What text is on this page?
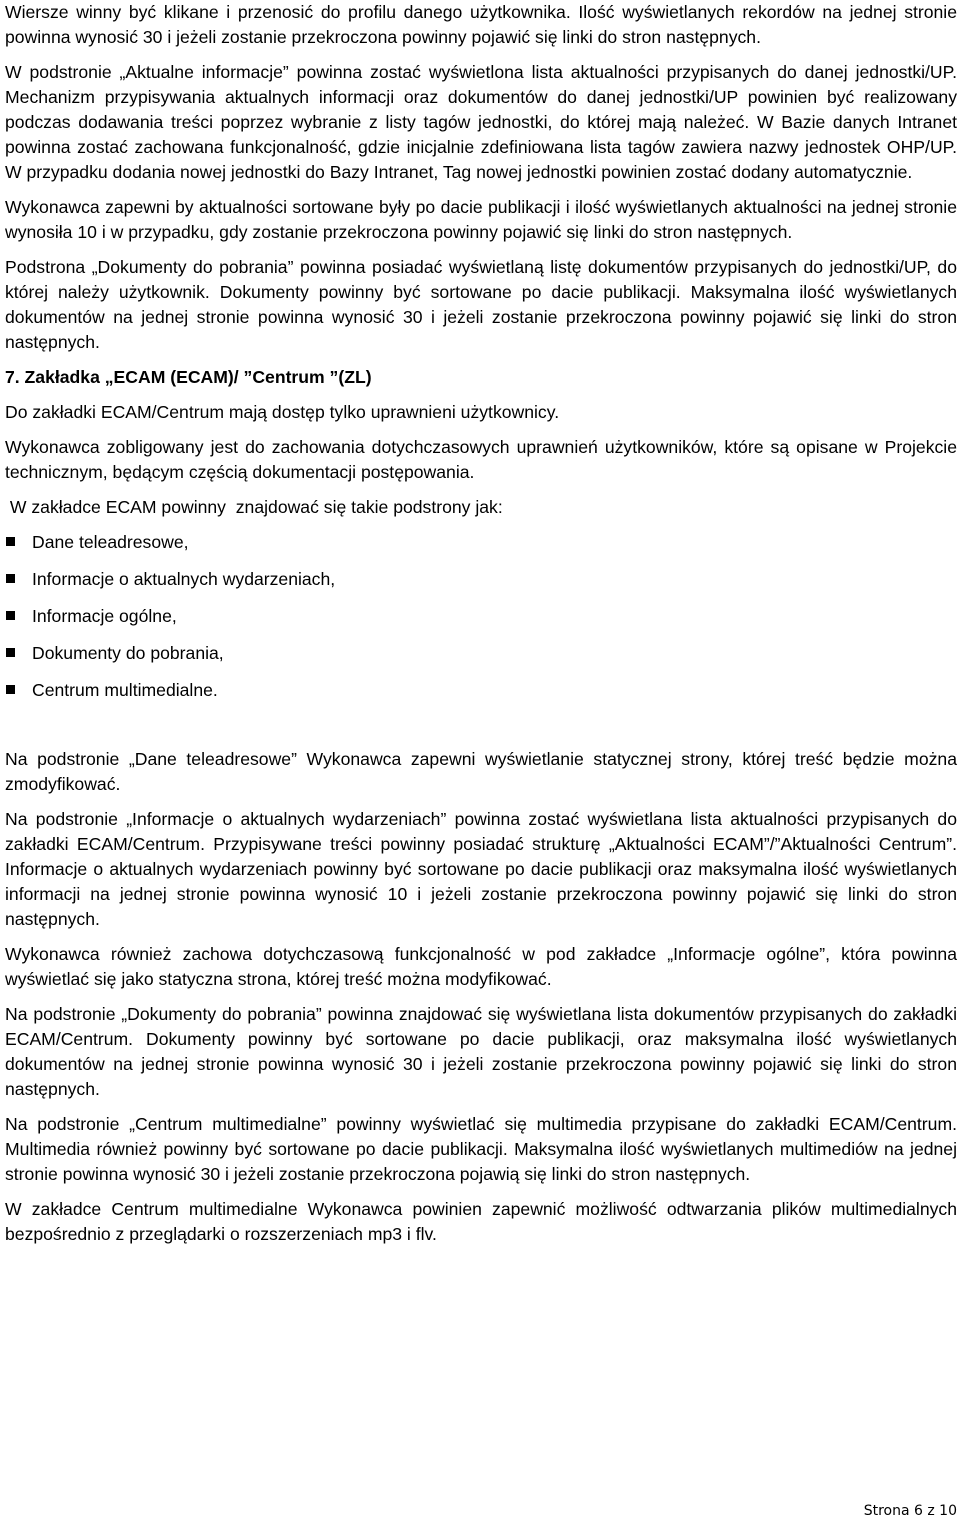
Wiersze winny być klikane i przenosić do profilu danego użytkownika. Ilość wyświetlanych rekordów na jednej stronie powinna wynosić 30 i jeżeli zostanie przekroczona powinny pojawić się linki do stron następnych.

W podstronie „Aktualne informacje” powinna zostać wyświetlona lista aktualności przypisanych do danej jednostki/UP. Mechanizm przypisywania aktualnych informacji oraz dokumentów do danej jednostki/UP powinien być realizowany podczas dodawania treści poprzez wybranie z listy tagów jednostki, do której mają należeć. W Bazie danych Intranet powinna zostać zachowana funkcjonalność, gdzie inicjalnie zdefiniowana lista tagów zawiera nazwy jednostek OHP/UP. W przypadku dodania nowej jednostki do Bazy Intranet, Tag nowej jednostki powinien zostać dodany automatycznie.

Wykonawca zapewni by aktualności sortowane były po dacie publikacji i ilość wyświetlanych aktualności na jednej stronie wynosiła 10 i w przypadku, gdy zostanie przekroczona powinny pojawić się linki do stron następnych.

Podstrona „Dokumenty do pobrania” powinna posiadać wyświetlaną listę dokumentów przypisanych do jednostki/UP, do której należy użytkownik. Dokumenty powinny być sortowane po dacie publikacji. Maksymalna ilość wyświetlanych dokumentów na jednej stronie powinna wynosić 30 i jeżeli zostanie przekroczona powinny pojawić się linki do stron następnych.

7. Zakładka „ECAM (ECAM)/ ”Centrum ”(ZL)

Do zakładki ECAM/Centrum mają dostęp tylko uprawnieni użytkownicy.

Wykonawca zobligowany jest do zachowania dotychczasowych uprawnień użytkowników, które są opisane w Projekcie technicznym, będącym częścią dokumentacji postępowania.

W zakładce ECAM powinny  znajdować się takie podstrony jak:

Dane teleadresowe,
Informacje o aktualnych wydarzeniach,
Informacje ogólne,
Dokumenty do pobrania,
Centrum multimedialne.

Na podstronie „Dane teleadresowe” Wykonawca zapewni wyświetlanie statycznej strony, której treść będzie można zmodyfikować.

Na podstronie „Informacje o aktualnych wydarzeniach” powinna zostać wyświetlana lista aktualności przypisanych do zakładki ECAM/Centrum. Przypisywane treści powinny posiadać strukturę „Aktualności ECAM”/”Aktualności Centrum”. Informacje o aktualnych wydarzeniach powinny być sortowane po dacie publikacji oraz maksymalna ilość wyświetlanych informacji na jednej stronie powinna wynosić 10 i jeżeli zostanie przekroczona powinny pojawić się linki do stron następnych.

Wykonawca również zachowa dotychczasową funkcjonalność w pod zakładce „Informacje ogólne”, która powinna wyświetlać się jako statyczna strona, której treść można modyfikować.

Na podstronie „Dokumenty do pobrania” powinna znajdować się wyświetlana lista dokumentów przypisanych do zakładki ECAM/Centrum. Dokumenty powinny być sortowane po dacie publikacji, oraz maksymalna ilość wyświetlanych dokumentów na jednej stronie powinna wynosić 30 i jeżeli zostanie przekroczona powinny pojawić się linki do stron następnych.

Na podstronie „Centrum multimedialne” powinny wyświetlać się multimedia przypisane do zakładki ECAM/Centrum. Multimedia również powinny być sortowane po dacie publikacji. Maksymalna ilość wyświetlanych multimediów na jednej stronie powinna wynosić 30 i jeżeli zostanie przekroczona pojawią się linki do stron następnych.

W zakładce Centrum multimedialne Wykonawca powinien zapewnić możliwość odtwarzania plików multimedialnych bezpośrednio z przeglądarki o rozszerzeniach mp3 i flv.

Strona 6 z 10
